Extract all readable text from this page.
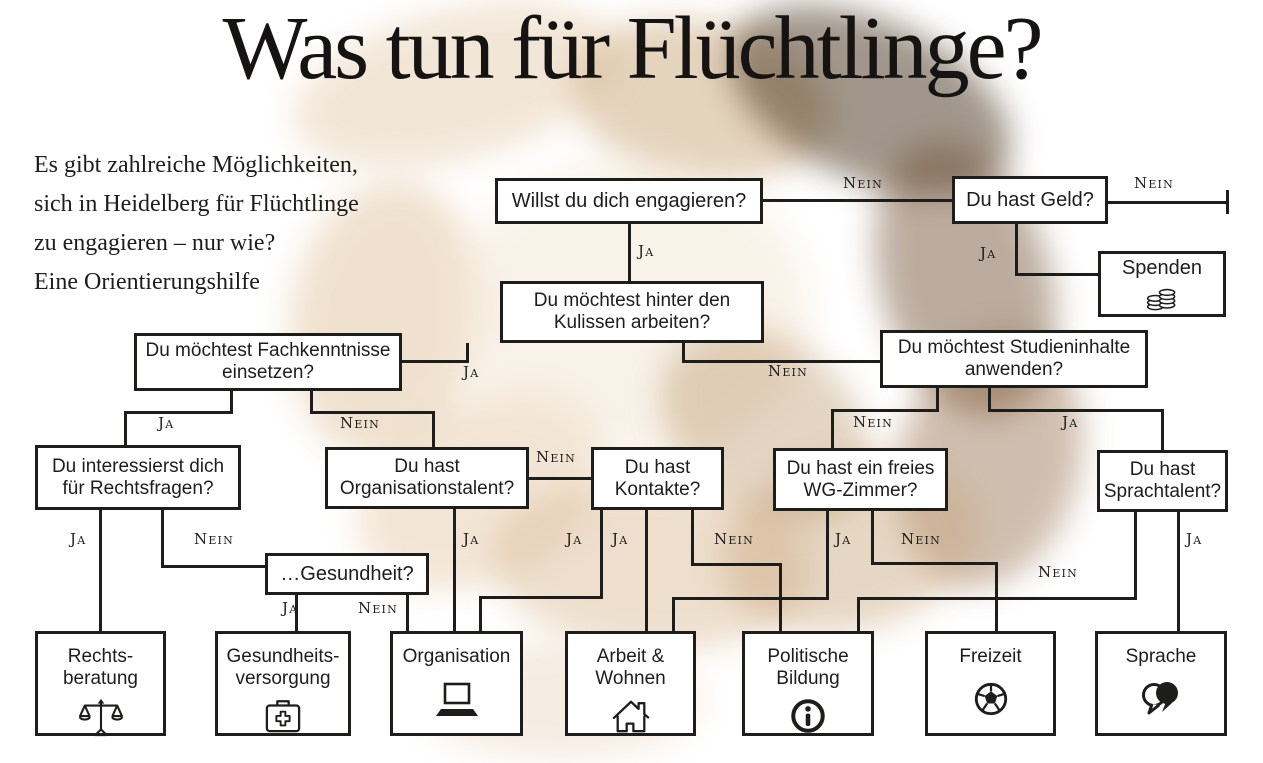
Was tun für Flüchtlinge?
Es gibt zahlreiche Möglichkeiten,
sich in Heidelberg für Flüchtlinge
zu engagieren – nur wie?
Eine Orientierungshilfe
Ja
Nein	Nein
Ja
Ja	Nein
Ja	Nein	Nein	Ja
Ja	Nein
Ja	Nein
Ja
Nein
Ja Ja	Nein	Ja	Nein
Nein
Ja
Willst du dich engagieren?	Du hast Geld?
Spenden
Du möchtest hinter den
Kulissen arbeiten?
Du möchtest Fachkenntnisse
einsetzen?
Du möchtest Studieninhalte
anwenden?
Du interessierst dich
für Rechtsfragen?
Du hast
Organisationstalent?
Du hast
Kontakte?
Du hast ein freies
WG-Zimmer?
Du hast
Sprachtalent?
…Gesundheit?
Rechts-
beratung
Gesundheits-
versorgung
Organisation	Arbeit &
Wohnen
Politische
Bildung
Freizeit	Sprache
